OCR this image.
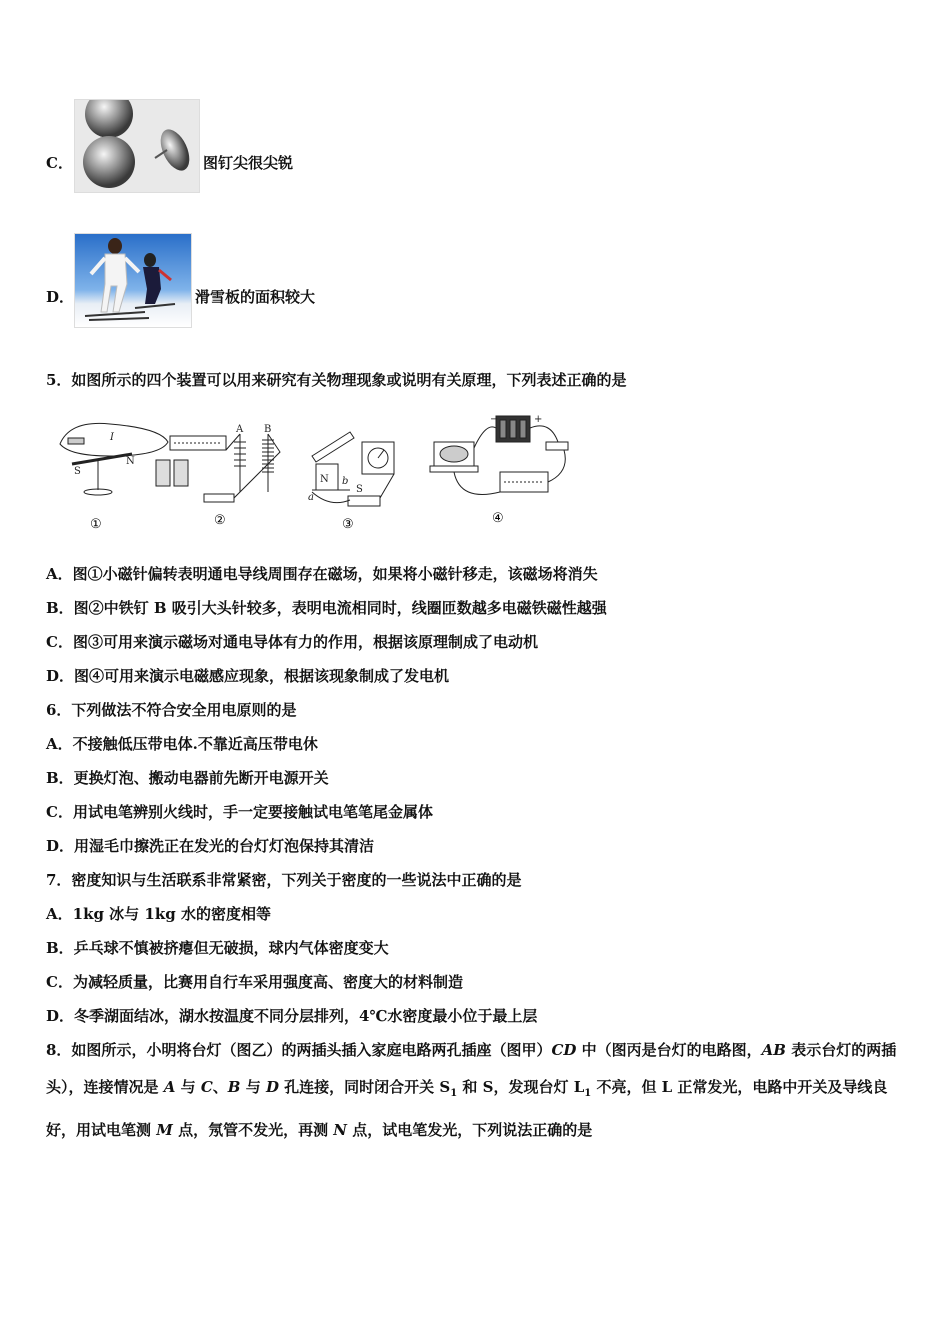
C．	图钉尖很尖锐
D．	滑雪板的面积较大
5．如图所示的四个装置可以用来研究有关物理现象或说明有关原理，下列表述正确的是
S
N
I
①
A B
②
N
S
a
b
③
+
−
④
A．图①小磁针偏转表明通电导线周围存在磁场，如果将小磁针移走，该磁场将消失
B．图②中铁钉 B 吸引大头针较多，表明电流相同时，线圈匝数越多电磁铁磁性越强
C．图③可用来演示磁场对通电导体有力的作用，根据该原理制成了电动机
D．图④可用来演示电磁感应现象，根据该现象制成了发电机
6．下列做法不符合安全用电原则的是
A．不接触低压带电体.不靠近高压带电休
B．更换灯泡、搬动电器前先断开电源开关
C．用试电笔辨别火线时，手一定要接触试电笔笔尾金属体
D．用湿毛巾擦洗正在发光的台灯灯泡保持其清洁
7．密度知识与生活联系非常紧密，下列关于密度的一些说法中正确的是
A．1kg 冰与 1kg 水的密度相等
B．乒乓球不慎被挤瘪但无破损，球内气体密度变大
C．为减轻质量，比赛用自行车采用强度高、密度大的材料制造
D．冬季湖面结冰，湖水按温度不同分层排列，4℃水密度最小位于最上层
8．如图所示，小明将台灯（图乙）的两插头插入家庭电路两孔插座（图甲）CD 中（图丙是台灯的电路图，AB 表示台灯的两插头），连接情况是 A 与 C、B 与 D 孔连接，同时闭合开关 $S_1$ 和 S，发现台灯 $L_1$ 不亮，但 L 正常发光，电路中开关及导线良好，用试电笔测 M 点，氖管不发光，再测 N 点，试电笔发光，下列说法正确的是
